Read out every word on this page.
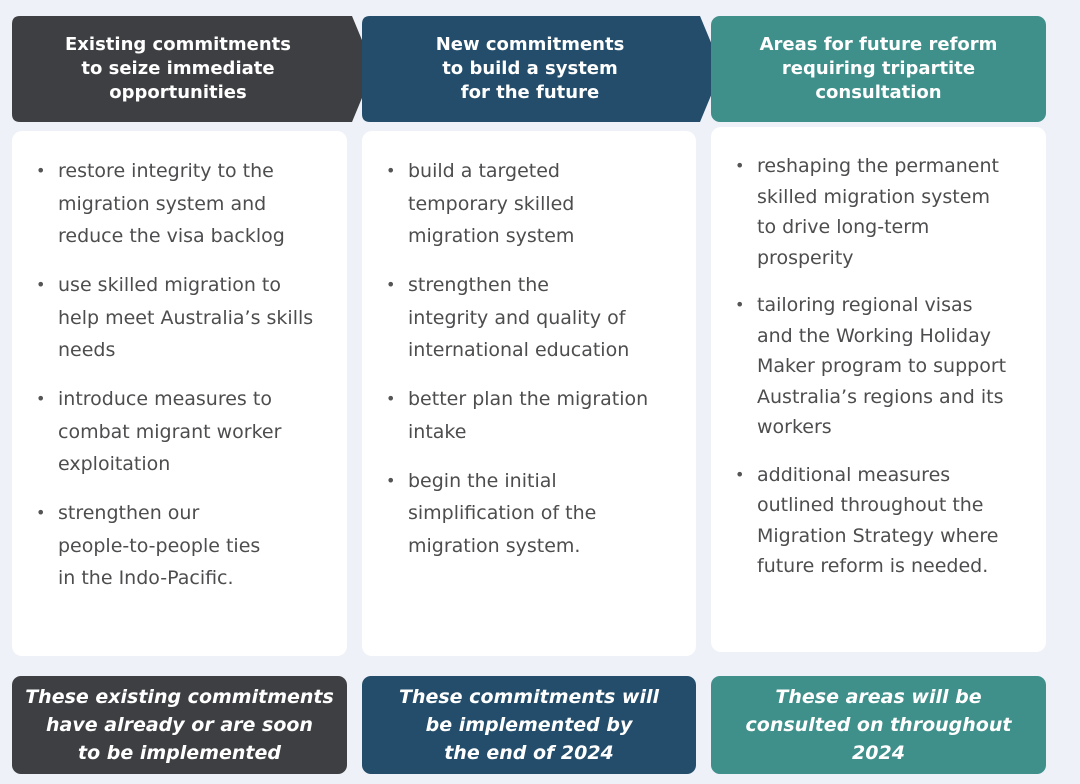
Existing commitments
to seize immediate
opportunities
New commitments
to build a system
for the future
Areas for future reform
requiring tripartite
consultation
• restore integrity to the
migration system and
reduce the visa backlog
• use skilled migration to
help meet Australia’s skills
needs
• introduce measures to
combat migrant worker
exploitation
• strengthen our
people-to-people ties
in the Indo-Pacific.
• build a targeted
temporary skilled
migration system
• strengthen the
integrity and quality of
international education
• better plan the migration
intake
• begin the initial
simplification of the
migration system.
• reshaping the permanent
skilled migration system
to drive long-term
prosperity
• tailoring regional visas
and the Working Holiday
Maker program to support
Australia’s regions and its
workers
• additional measures
outlined throughout the
Migration Strategy where
future reform is needed.
These existing commitments
have already or are soon
to be implemented
These commitments will
be implemented by
the end of 2024
These areas will be
consulted on throughout
2024
